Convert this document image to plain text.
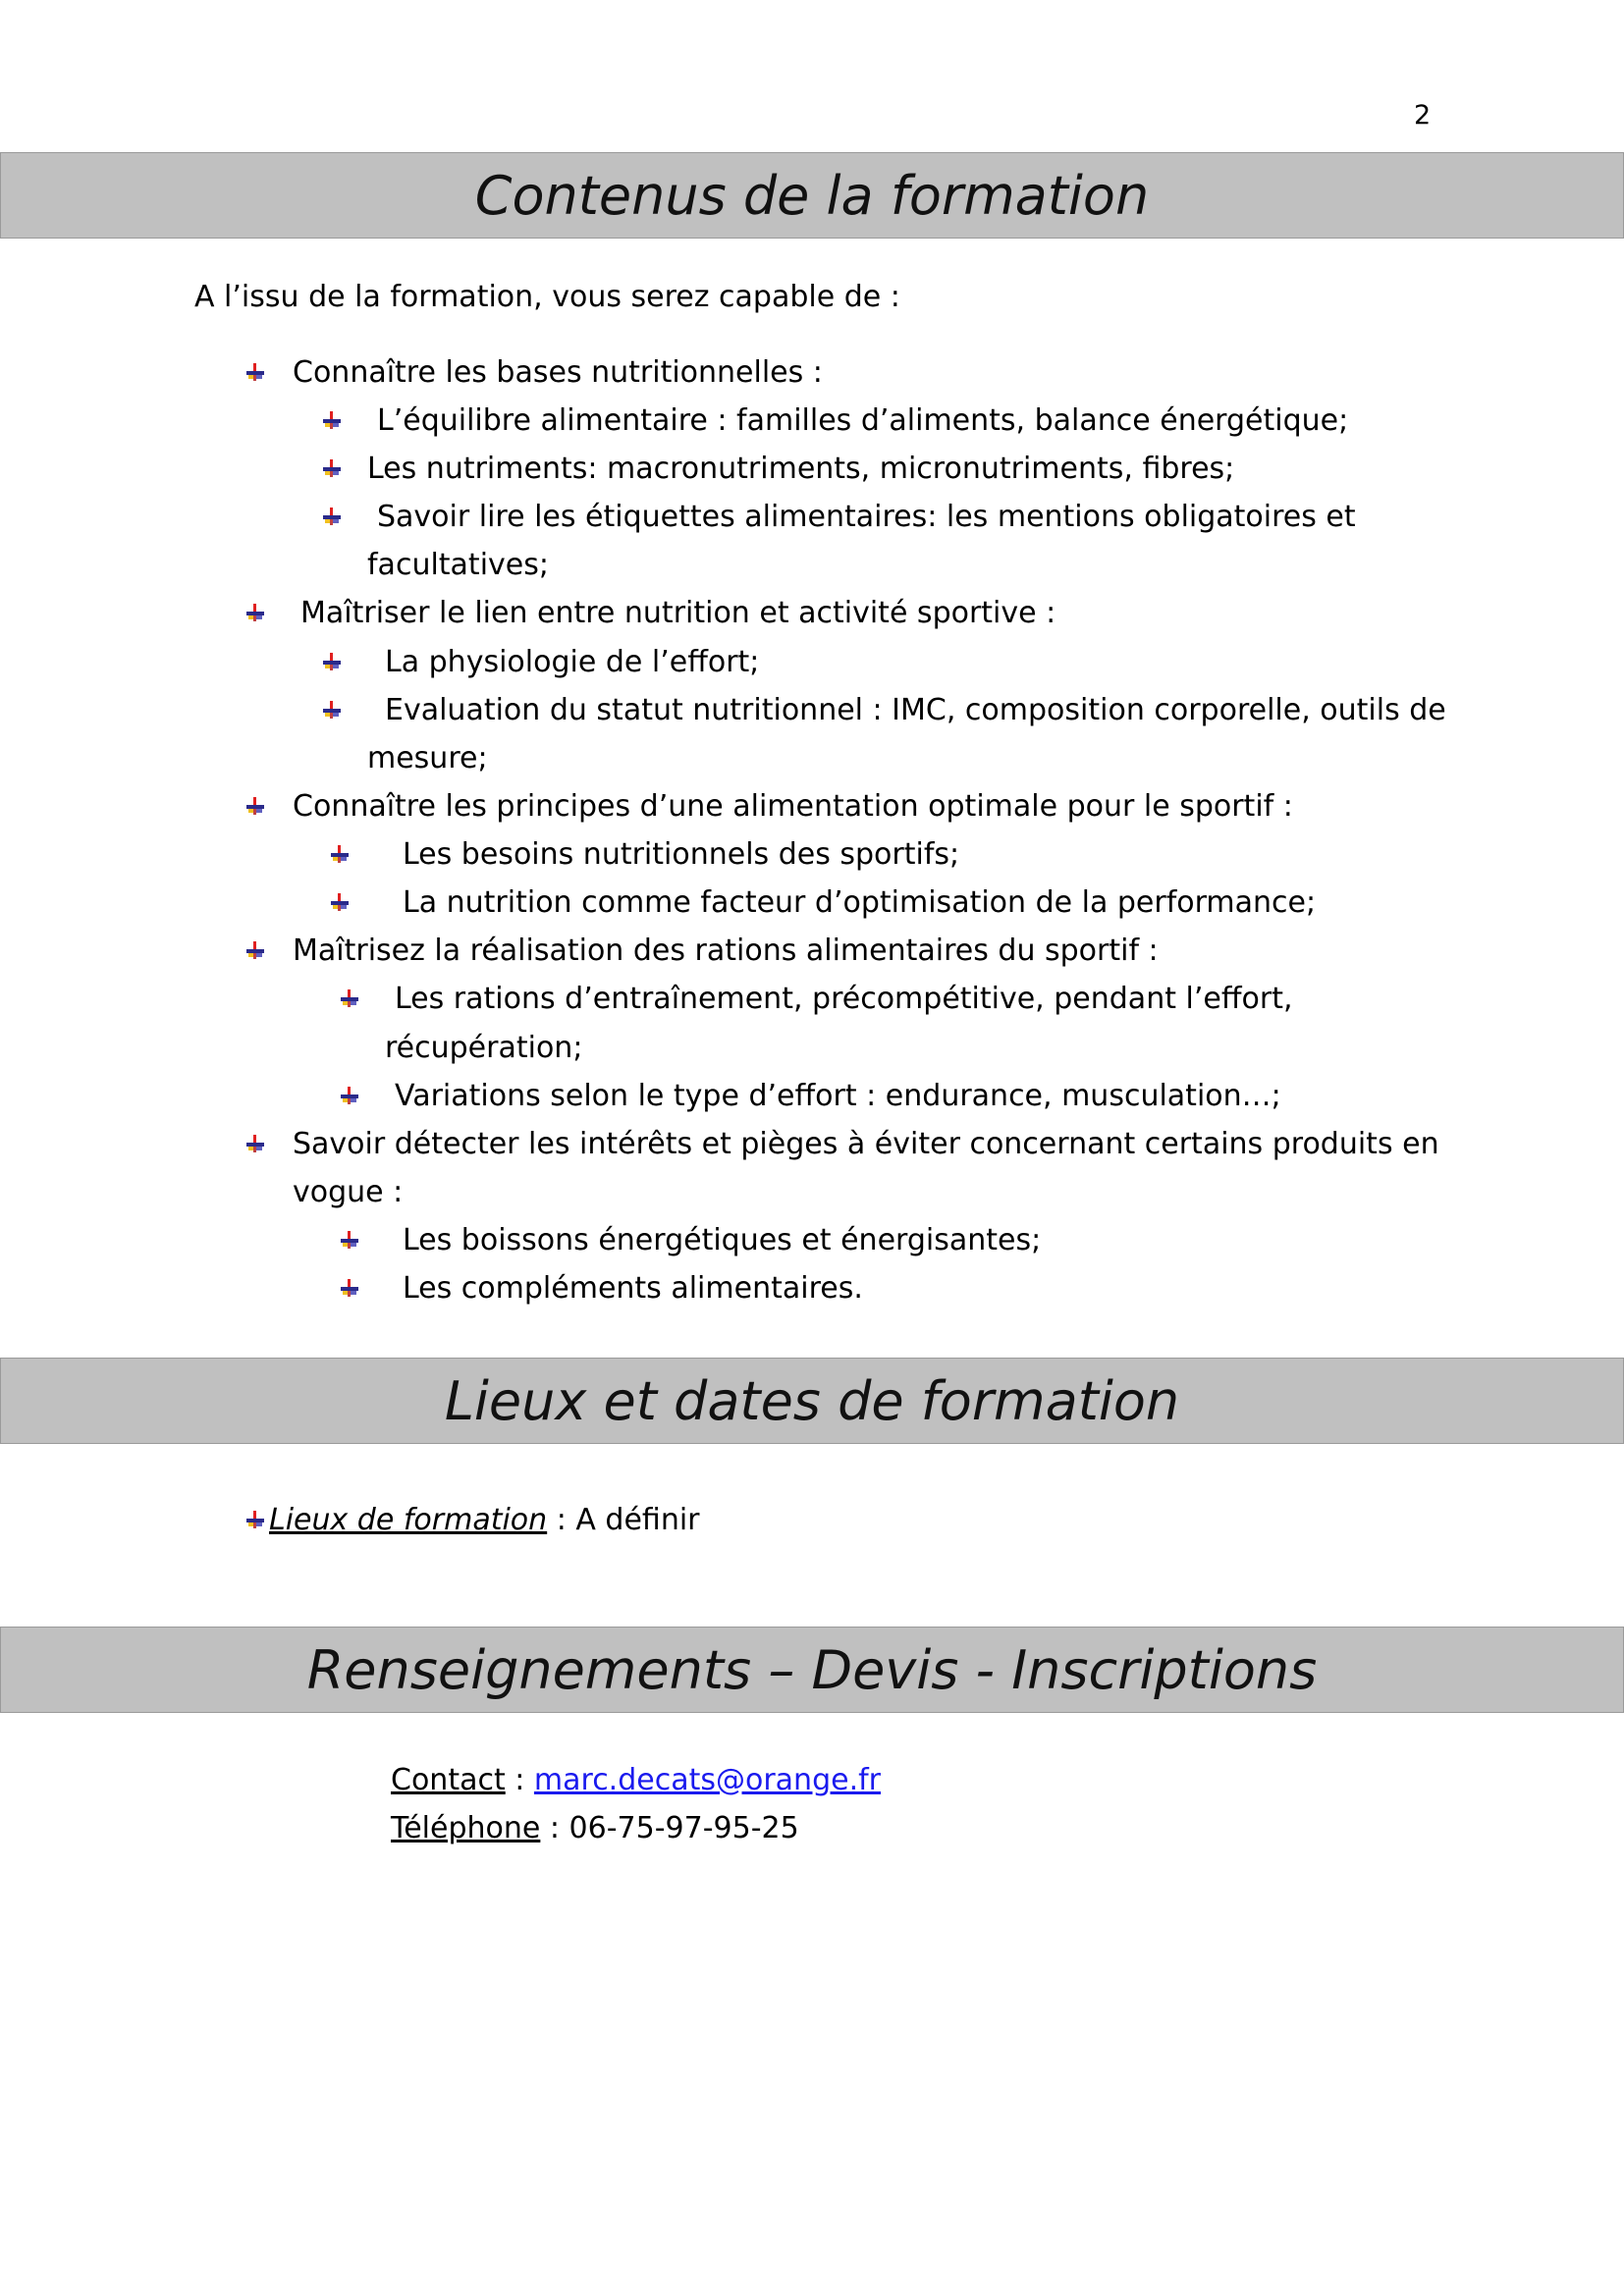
2
Contenus de la formation
A l’issu de la formation, vous serez capable de :
Connaître les bases nutritionnelles :
L’équilibre alimentaire : familles d’aliments, balance énergétique;
Les nutriments: macronutriments, micronutriments, fibres;
Savoir lire les étiquettes alimentaires: les mentions obligatoires et
facultatives;
Maîtriser le lien entre nutrition et activité sportive :
La physiologie de l’effort;
Evaluation du statut nutritionnel : IMC, composition corporelle, outils de
mesure;
Connaître les principes d’une alimentation optimale pour le sportif :
Les besoins nutritionnels des sportifs;
La nutrition comme facteur d’optimisation de la performance;
Maîtrisez la réalisation des rations alimentaires du sportif :
Les rations d’entraînement, précompétitive, pendant l’effort,
récupération;
Variations selon le type d’effort : endurance, musculation…;
Savoir détecter les intérêts et pièges à éviter concernant certains produits en
vogue :
Les boissons énergétiques et énergisantes;
Les compléments alimentaires.
Lieux et dates de formation
Lieux de formation : A définir
Renseignements – Devis - Inscriptions
Contact : marc.decats@orange.fr
Téléphone : 06-75-97-95-25
